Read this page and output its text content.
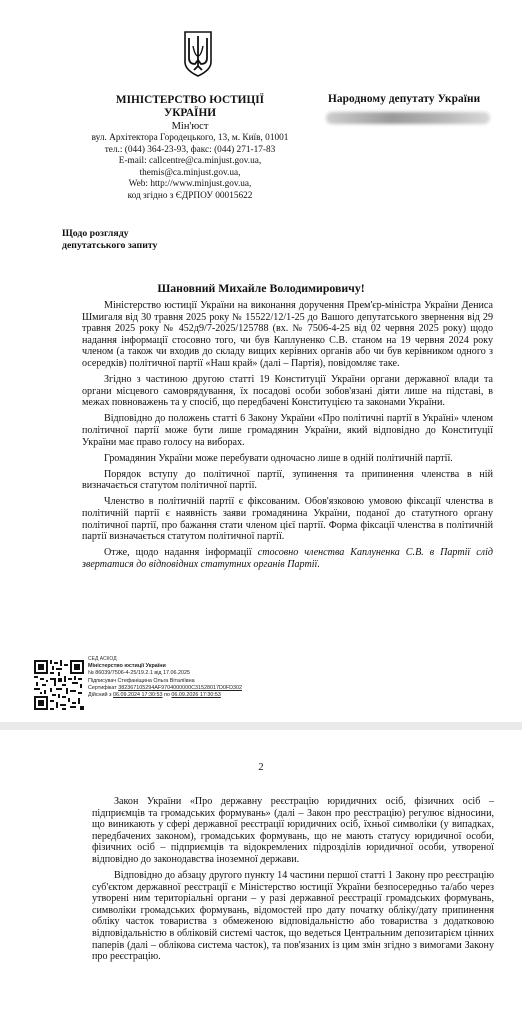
МІНІСТЕРСТВО ЮСТИЦІЇ
УКРАЇНИ
Мін'юст
вул. Архітектора Городецького, 13, м. Київ, 01001
тел.: (044) 364-23-93, факс: (044) 271-17-83
E-mail: callcentre@ca.minjust.gov.ua,
themis@ca.minjust.gov.ua,
Web: http://www.minjust.gov.ua,
код згідно з ЄДРПОУ 00015622
Народному депутату України
Щодо розгляду
депутатського запиту
Шановний Михайле Володимировичу!

Міністерство юстиції України на виконання доручення Прем'єр-міністра України Дениса Шмигаля від 30 травня 2025 року № 15522/12/1-25 до Вашого депутатського звернення від 29 травня 2025 року № 452д9/7-2025/125788 (вх. № 7506-4-25 від 02 червня 2025 року) щодо надання інформації стосовно того, чи був Каплуненко С.В. станом на 19 червня 2024 року членом (а також чи входив до складу вищих керівних органів або чи був керівником одного з осередків) політичної партії «Наш край» (далі – Партія), повідомляє таке.

Згідно з частиною другою статті 19 Конституції України органи державної влади та органи місцевого самоврядування, їх посадові особи зобов'язані діяти лише на підставі, в межах повноважень та у спосіб, що передбачені Конституцією та законами України.

Відповідно до положень статті 6 Закону України «Про політичні партії в Україні» членом політичної партії може бути лише громадянин України, який відповідно до Конституції України має право голосу на виборах.

Громадянин України може перебувати одночасно лише в одній політичній партії.

Порядок вступу до політичної партії, зупинення та припинення членства в ній визначається статутом політичної партії.

Членство в політичній партії є фіксованим. Обов'язковою умовою фіксації членства в політичній партії є наявність заяви громадянина України, поданої до статутного органу політичної партії, про бажання стати членом цієї партії. Форма фіксації членства в політичній партії визначається статутом політичної партії.

Отже, щодо надання інформації стосовно членства Каплуненка С.В. в Партії слід звертатися до відповідних статутних органів Партії.

СЕД АСКОД
Міністерство юстиції України
№ 86039/7506-4-25/19.2.1 від 17.06.2025
Підписувач Стефаніщина Ольга Віталіївна
Сертифікат 382367105294AF9704000000C31528017D0FD302
Дійсний з 06.09.2024 17:30:53 по 06.09.2026 17:30:53
2

Закон України «Про державну реєстрацію юридичних осіб, фізичних осіб – підприємців та громадських формувань» (далі – Закон про реєстрацію) регулює відносини, що виникають у сфері державної реєстрації юридичних осіб, їхньої символіки (у випадках, передбачених законом), громадських формувань, що не мають статусу юридичної особи, фізичних осіб – підприємців та відокремлених підрозділів юридичної особи, утвореної відповідно до законодавства іноземної держави.

Відповідно до абзацу другого пункту 14 частини першої статті 1 Закону про реєстрацію суб'єктом державної реєстрації є Міністерство юстиції України безпосередньо та/або через утворені ним територіальні органи – у разі державної реєстрації громадських формувань, символіки громадських формувань, відомостей про дату початку обліку/дату припинення обліку часток товариства з обмеженою відповідальністю або товариства з додатковою відповідальністю в обліковій системі часток, що ведеться Центральним депозитарієм цінних паперів (далі – облікова система часток), та пов'язаних із цим змін згідно з вимогами Закону про реєстрацію.
